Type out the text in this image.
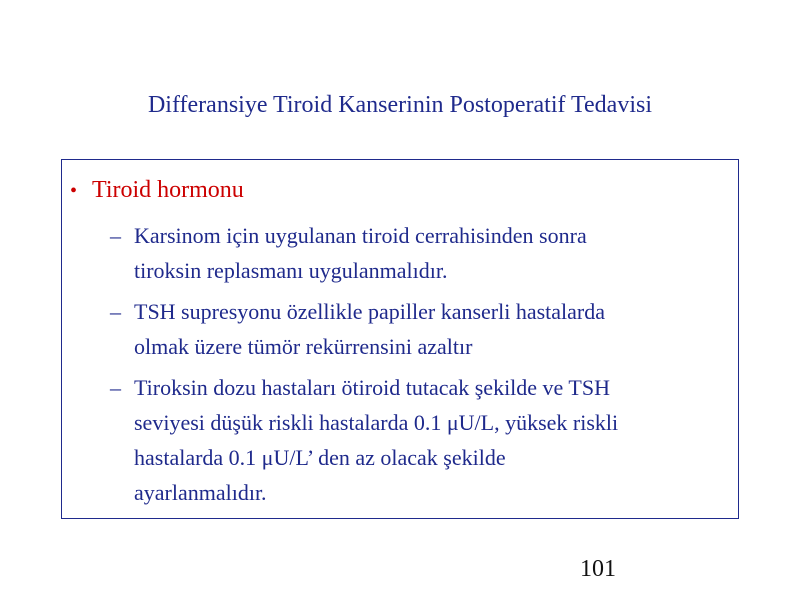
Differansiye Tiroid Kanserinin Postoperatif Tedavisi
• Tiroid hormonu
– Karsinom için uygulanan tiroid cerrahisinden sonra
tiroksin replasmanı uygulanmalıdır.
– TSH supresyonu özellikle papiller kanserli hastalarda
olmak üzere tümör rekürrensini azaltır
– Tiroksin dozu hastaları ötiroid tutacak şekilde ve TSH
seviyesi düşük riskli hastalarda 0.1 μU/L, yüksek riskli
hastalarda 0.1 μU/L’ den az olacak şekilde
ayarlanmalıdır.
101
